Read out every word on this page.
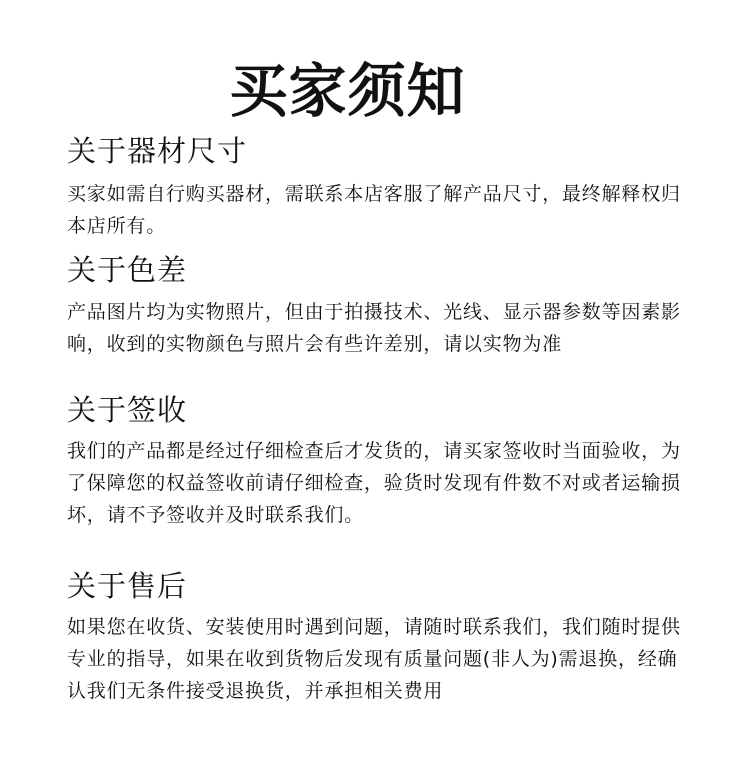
买家须知
关于器材尺寸

买家如需自行购买器材，需联系本店客服了解产品尺寸，最终解释权归本店所有。

关于色差

产品图片均为实物照片，但由于拍摄技术、光线、显示器参数等因素影响，收到的实物颜色与照片会有些许差别，请以实物为准

关于签收

我们的产品都是经过仔细检查后才发货的，请买家签收时当面验收，为了保障您的权益签收前请仔细检查，验货时发现有件数不对或者运输损坏，请不予签收并及时联系我们。

关于售后

如果您在收货、安装使用时遇到问题，请随时联系我们，我们随时提供专业的指导，如果在收到货物后发现有质量问题(非人为)需退换，经确认我们无条件接受退换货，并承担相关费用
